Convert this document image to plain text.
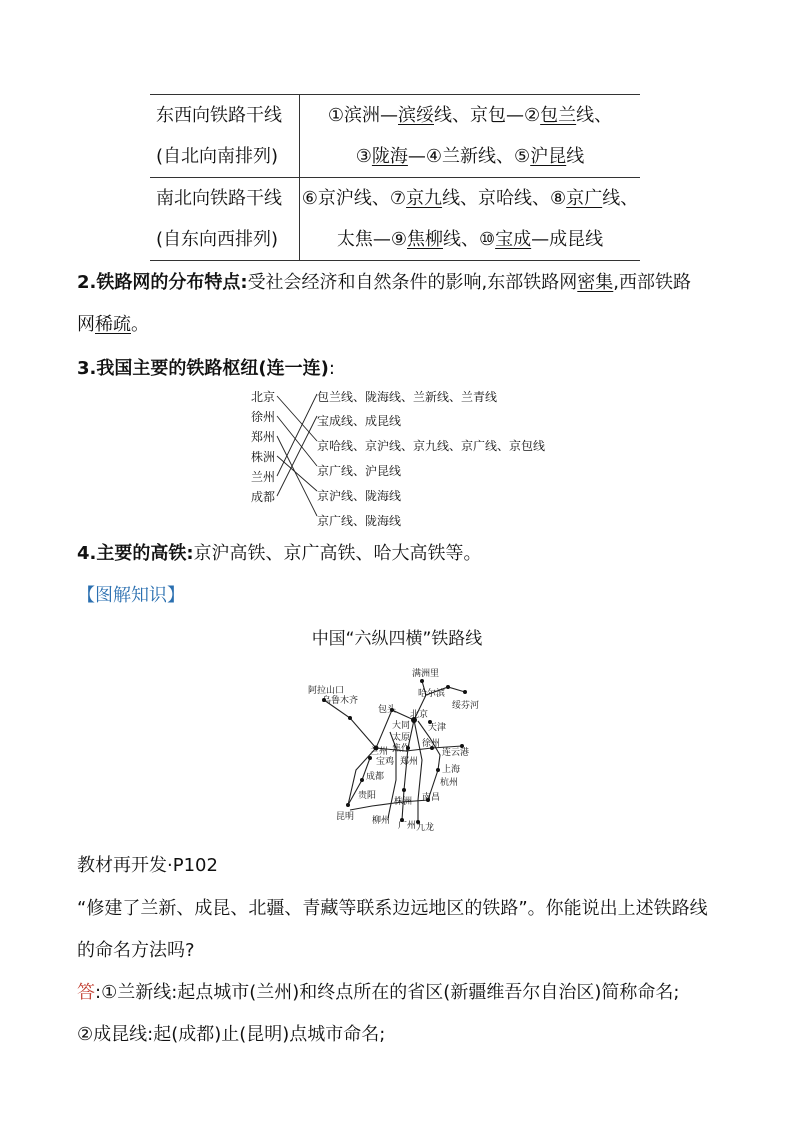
东西向铁路干线	①滨洲—滨绥线、京包—②包兰线、
(自北向南排列)	③陇海—④兰新线、⑤沪昆线
南北向铁路干线	⑥京沪线、⑦京九线、京哈线、⑧京广线、
(自东向西排列)	太焦—⑨焦柳线、⑩宝成—成昆线
2.铁路网的分布特点:受社会经济和自然条件的影响,东部铁路网密集,西部铁路
网稀疏。
3.我国主要的铁路枢纽(连一连):
北京
徐州
郑州
株洲
兰州
成都
包兰线、陇海线、兰新线、兰青线
宝成线、成昆线
京哈线、京沪线、京九线、京广线、京包线
京广线、沪昆线
京沪线、陇海线
京广线、陇海线
4.主要的高铁:京沪高铁、京广高铁、哈大高铁等。
【图解知识】
中国“六纵四横”铁路线
满洲里
哈尔滨
绥芬河
阿拉山口
乌鲁木齐
包头 北京
天津
大同
太原
焦作 徐州
连云港
兰州
宝鸡 郑州
上海
成都
杭州
贵阳	南昌
株洲
昆明 柳州 广州 九龙
教材再开发·P102
“修建了兰新、成昆、北疆、青藏等联系边远地区的铁路”。你能说出上述铁路线
的命名方法吗?
答:①兰新线:起点城市(兰州)和终点所在的省区(新疆维吾尔自治区)简称命名;
②成昆线:起(成都)止(昆明)点城市命名;
